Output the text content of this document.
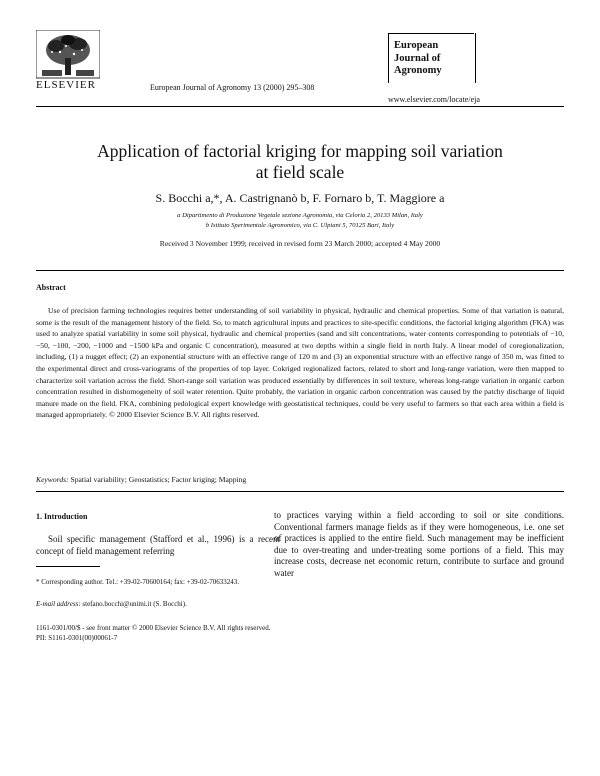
ELSEVIER	European Journal of Agronomy 13 (2000) 295–308
European
Journal of
Agronomy
www.elsevier.com/locate/eja
Application of factorial kriging for mapping soil variation
at field scale
S. Bocchi a,*, A. Castrignanò b, F. Fornaro b, T. Maggiore a
a Dipartimento di Produzione Vegetale sezione Agronomia, via Celoria 2, 20133 Milan, Italy
b Istituto Sperimentale Agronomico, via C. Ulpiani 5, 70125 Bari, Italy
Received 3 November 1999; received in revised form 23 March 2000; accepted 4 May 2000
Abstract
Use of precision farming technologies requires better understanding of soil variability in physical, hydraulic and chemical properties. Some of that variation is natural, some is the result of the management history of the field. So, to match agricultural inputs and practices to site-specific conditions, the factorial kriging algorithm (FKA) was used to analyze spatial variability in some soil physical, hydraulic and chemical properties (sand and silt concentrations, water contents corresponding to potentials of −10, −50, −100, −200, −1000 and −1500 kPa and organic C concentration), measured at two depths within a single field in north Italy. A linear model of coregionalization, including, (1) a nugget effect; (2) an exponential structure with an effective range of 120 m and (3) an exponential structure with an effective range of 350 m, was fitted to the experimental direct and cross-variograms of the properties of top layer. Cokriged regionalized factors, related to short and long-range variation, were then mapped to characterize soil variation across the field. Short-range soil variation was produced essentially by differences in soil texture, whereas long-range variation in organic carbon concentration resulted in dishomogeneity of soil water retention. Quite probably, the variation in organic carbon concentration was caused by the patchy discharge of liquid manure made on the field. FKA, combining pedological expert knowledge with geostatistical techniques, could be very useful to farmers so that each area within a field is managed appropriately. © 2000 Elsevier Science B.V. All rights reserved.
Keywords: Spatial variability; Geostatistics; Factor kriging; Mapping
1. Introduction
Soil specific management (Stafford et al., 1996) is a recent concept of field management referring
to practices varying within a field according to soil or site conditions. Conventional farmers manage fields as if they were homogeneous, i.e. one set of practices is applied to the entire field. Such management may be inefficient due to over-treating and under-treating some portions of a field. This may increase costs, decrease net economic return, contribute to surface and ground water
* Corresponding author. Tel.: +39-02-70600164; fax: +39-02-70633243.
E-mail address: stefano.bocchi@unimi.it (S. Bocchi).
1161-0301/00/$ - see front matter © 2000 Elsevier Science B.V. All rights reserved.
PII: S1161-0301(00)00061-7
